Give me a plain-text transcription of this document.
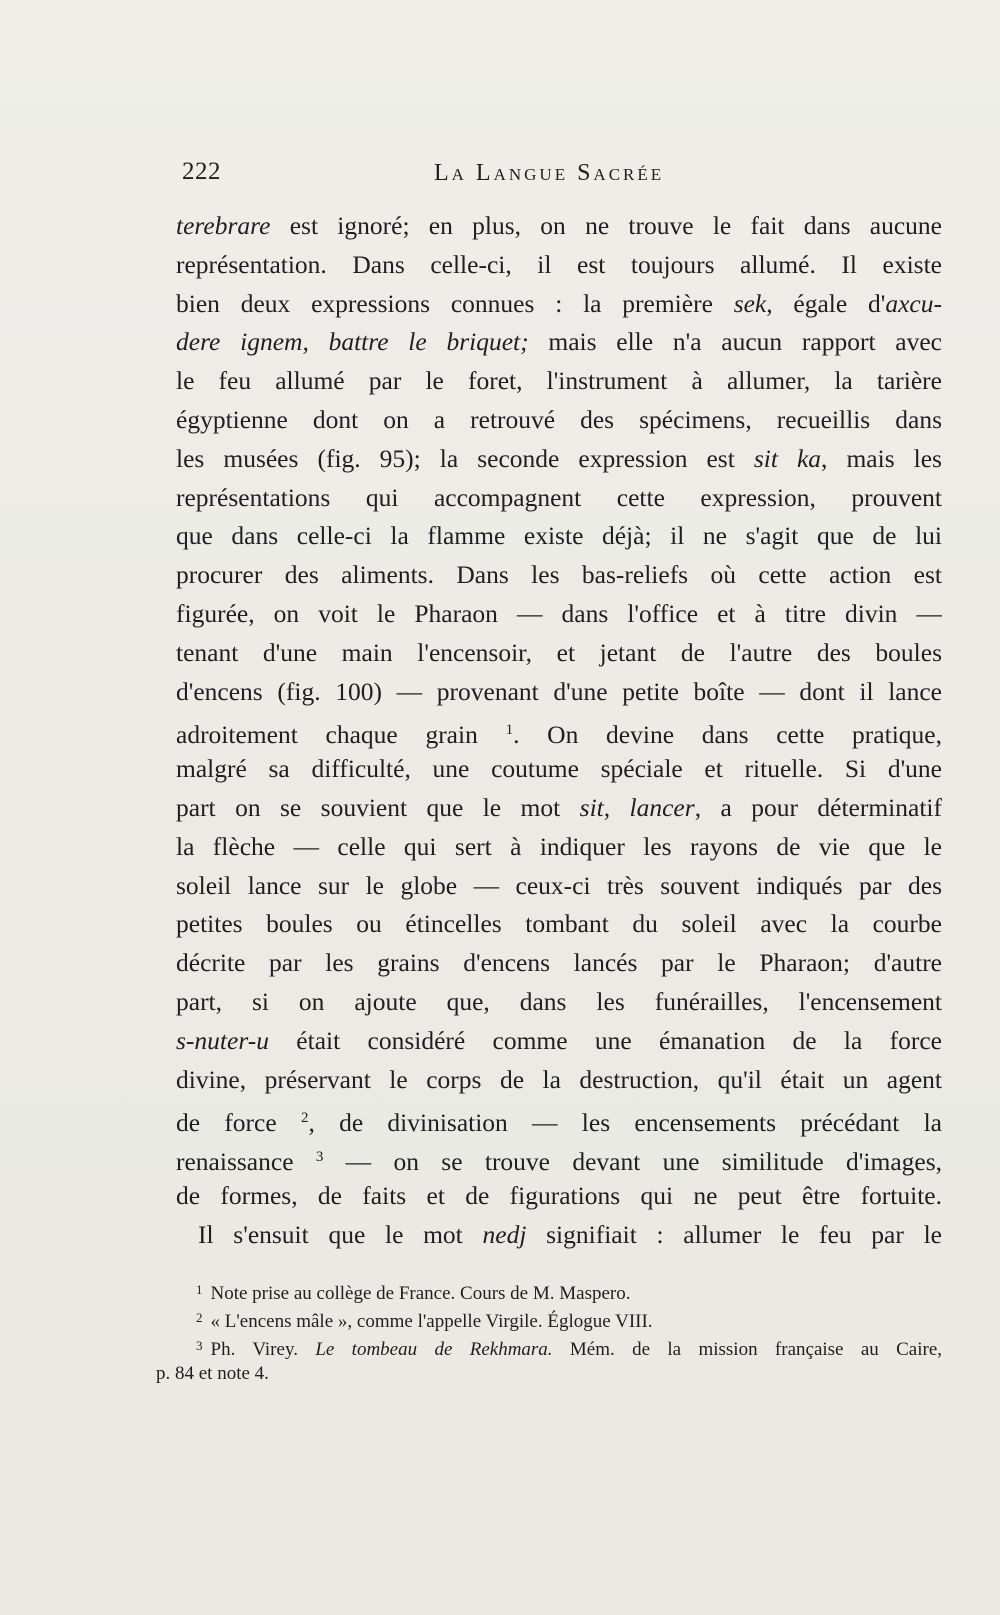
222	La Langue Sacrée
terebrare est ignoré; en plus, on ne trouve le fait dans aucune
représentation. Dans celle-ci, il est toujours allumé. Il existe
bien deux expressions connues : la première sek, égale d'axcu-
dere ignem, battre le briquet; mais elle n'a aucun rapport avec
le feu allumé par le foret, l'instrument à allumer, la tarière
égyptienne dont on a retrouvé des spécimens, recueillis dans
les musées (fig. 95); la seconde expression est sit ka, mais les
représentations qui accompagnent cette expression, prouvent
que dans celle-ci la flamme existe déjà; il ne s'agit que de lui
procurer des aliments. Dans les bas-reliefs où cette action est
figurée, on voit le Pharaon — dans l'office et à titre divin —
tenant d'une main l'encensoir, et jetant de l'autre des boules
d'encens (fig. 100) — provenant d'une petite boîte — dont il lance
adroitement chaque grain $^1$. On devine dans cette pratique,
malgré sa difficulté, une coutume spéciale et rituelle. Si d'une
part on se souvient que le mot sit, lancer, a pour déterminatif
la flèche — celle qui sert à indiquer les rayons de vie que le
soleil lance sur le globe — ceux-ci très souvent indiqués par des
petites boules ou étincelles tombant du soleil avec la courbe
décrite par les grains d'encens lancés par le Pharaon; d'autre
part, si on ajoute que, dans les funérailles, l'encensement
s-nuter-u était considéré comme une émanation de la force
divine, préservant le corps de la destruction, qu'il était un agent
de force $^2$, de divinisation — les encensements précédant la
renaissance $^3$ — on se trouve devant une similitude d'images,
de formes, de faits et de figurations qui ne peut être fortuite.
Il s'ensuit que le mot nedj signifiait : allumer le feu par le
$^1$ Note prise au collège de France. Cours de M. Maspero.
$^2$ « L'encens mâle », comme l'appelle Virgile. Églogue VIII.
$^3$ Ph. Virey. Le tombeau de Rekhmara. Mém. de la mission française au Caire,
p. 84 et note 4.
